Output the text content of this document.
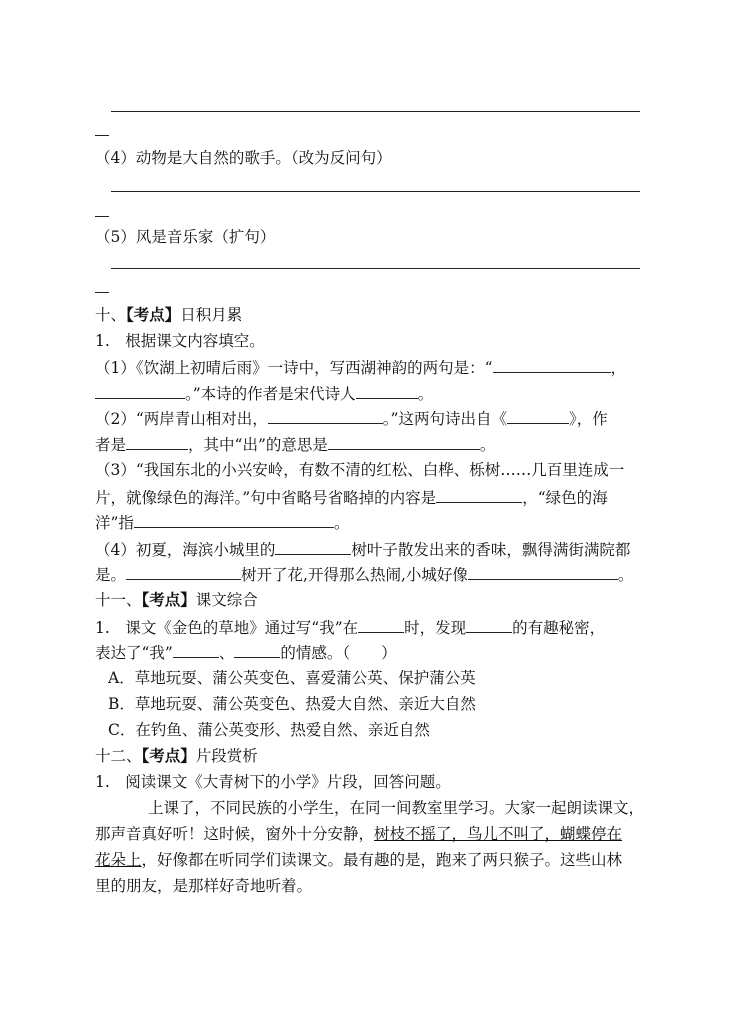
（4）动物是大自然的歌手。（改为反问句）
（5）风是音乐家（扩句）
十、【考点】日积月累
1.　根据课文内容填空。
（1）《饮湖上初晴后雨》一诗中，写西湖神韵的两句是：“	，
。”本诗的作者是宋代诗人	。
（2）“两岸青山相对出，	。”这两句诗出自《	》，作
者是	，其中“出”的意思是	。
（3）“我国东北的小兴安岭，有数不清的红松、白桦、栎树……几百里连成一
片，就像绿色的海洋。”句中省略号省略掉的内容是	，“绿色的海
洋”指	。
（4）初夏，海滨小城里的	树叶子散发出来的香味，飘得满街满院都
是。	树开了花,开得那么热闹,小城好像	。
十一、【考点】课文综合
1.　课文《金色的草地》通过写“我”在	时，发现	的有趣秘密，
表达了“我”	、	的情感。（　　）
A．草地玩耍、蒲公英变色、喜爱蒲公英、保护蒲公英
B．草地玩耍、蒲公英变色、热爱大自然、亲近大自然
C．在钓鱼、蒲公英变形、热爱自然、亲近自然
十二、【考点】片段赏析
1.　阅读课文《大青树下的小学》片段，回答问题。
上课了，不同民族的小学生，在同一间教室里学习。大家一起朗读课文，
那声音真好听！这时候，窗外十分安静，树枝不摇了，鸟儿不叫了，蝴蝶停在
花朵上，好像都在听同学们读课文。最有趣的是，跑来了两只猴子。这些山林
里的朋友，是那样好奇地听着。
